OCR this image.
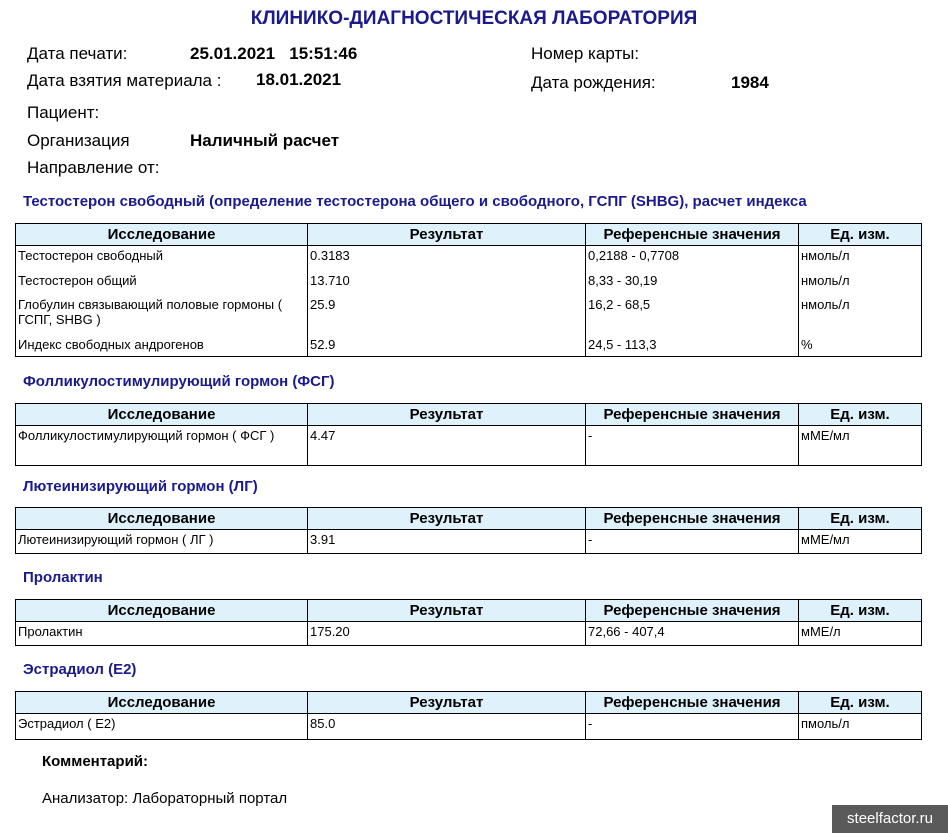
КЛИНИКО-ДИАГНОСТИЧЕСКАЯ ЛАБОРАТОРИЯ
Дата печати:	25.01.2021   15:51:46
Дата взятия материала : 18.01.2021
Пациент:
Организация	Наличный расчет
Направление от:
Номер карты:
Дата рождения:	1984
Тестостерон свободный (определение тестостерона общего и свободного, ГСПГ (SHBG), расчет индекса
Исследование	Результат	Референсные значения	Ед. изм.
Тестостерон свободный	0.3183	0,2188 - 0,7708	нмоль/л
Тестостерон общий	13.710	8,33 - 30,19	нмоль/л
Глобулин связывающий половые гормоны ( ГСПГ, SHBG )	25.9	16,2 - 68,5	нмоль/л
Индекс свободных андрогенов	52.9	24,5 - 113,3	%
Фолликулостимулирующий гормон (ФСГ)
Исследование	Результат	Референсные значения	Ед. изм.
Фолликулостимулирующий гормон ( ФСГ )	4.47	-	мМЕ/мл
Лютеинизирующий гормон (ЛГ)
Исследование	Результат	Референсные значения	Ед. изм.
Лютеинизирующий гормон ( ЛГ )	3.91	-	мМЕ/мл
Пролактин
Исследование	Результат	Референсные значения	Ед. изм.
Пролактин	175.20	72,66 - 407,4	мМЕ/л
Эстрадиол (Е2)
Исследование	Результат	Референсные значения	Ед. изм.
Эстрадиол ( Е2)	85.0	-	пмоль/л
Комментарий:
Анализатор: Лабораторный портал
steelfactor.ru
